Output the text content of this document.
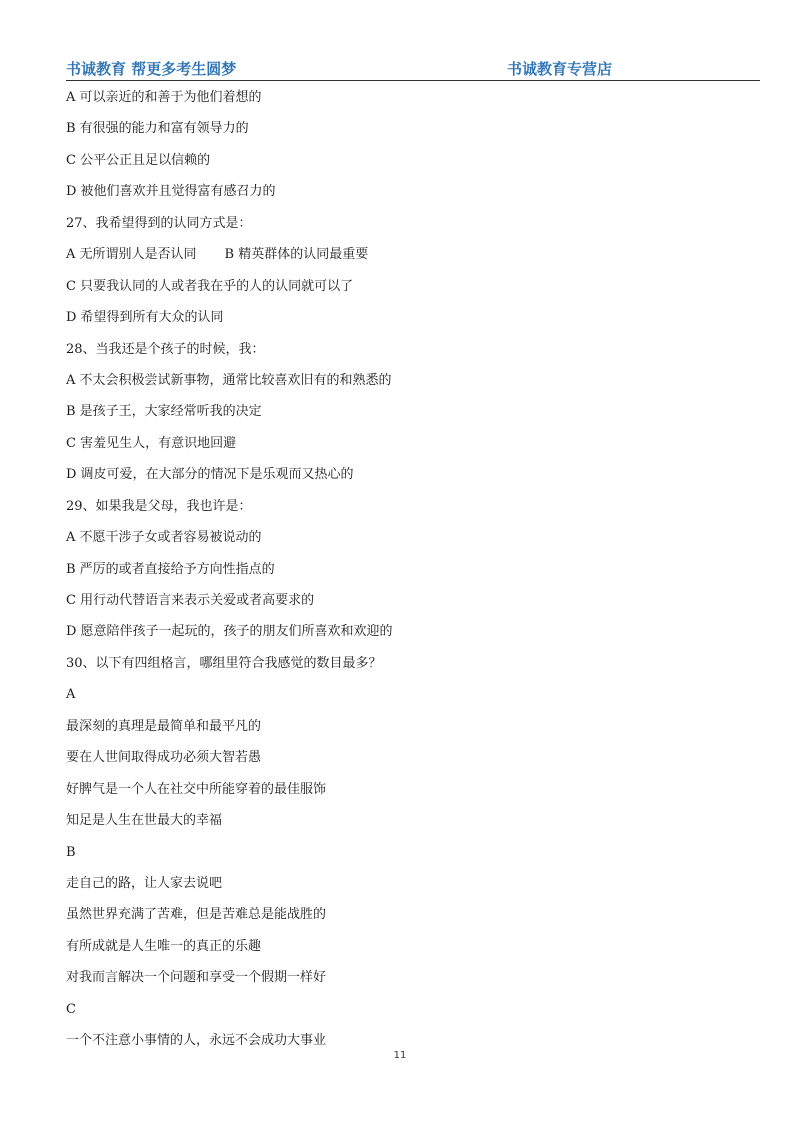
书诚教育 帮更多考生圆梦	书诚教育专营店
A 可以亲近的和善于为他们着想的
B 有很强的能力和富有领导力的
C 公平公正且足以信赖的
D 被他们喜欢并且觉得富有感召力的
27、我希望得到的认同方式是：
A 无所谓别人是否认同 B 精英群体的认同最重要
C 只要我认同的人或者我在乎的人的认同就可以了
D 希望得到所有大众的认同
28、当我还是个孩子的时候，我：
A 不太会积极尝试新事物，通常比较喜欢旧有的和熟悉的
B 是孩子王，大家经常听我的决定
C 害羞见生人，有意识地回避
D 调皮可爱，在大部分的情况下是乐观而又热心的
29、如果我是父母，我也许是：
A 不愿干涉子女或者容易被说动的
B 严厉的或者直接给予方向性指点的
C 用行动代替语言来表示关爱或者高要求的
D 愿意陪伴孩子一起玩的，孩子的朋友们所喜欢和欢迎的
30、以下有四组格言，哪组里符合我感觉的数目最多？
A
最深刻的真理是最简单和最平凡的
要在人世间取得成功必须大智若愚
好脾气是一个人在社交中所能穿着的最佳服饰
知足是人生在世最大的幸福
B
走自己的路，让人家去说吧
虽然世界充满了苦难，但是苦难总是能战胜的
有所成就是人生唯一的真正的乐趣
对我而言解决一个问题和享受一个假期一样好
C
一个不注意小事情的人，永远不会成功大事业
11
